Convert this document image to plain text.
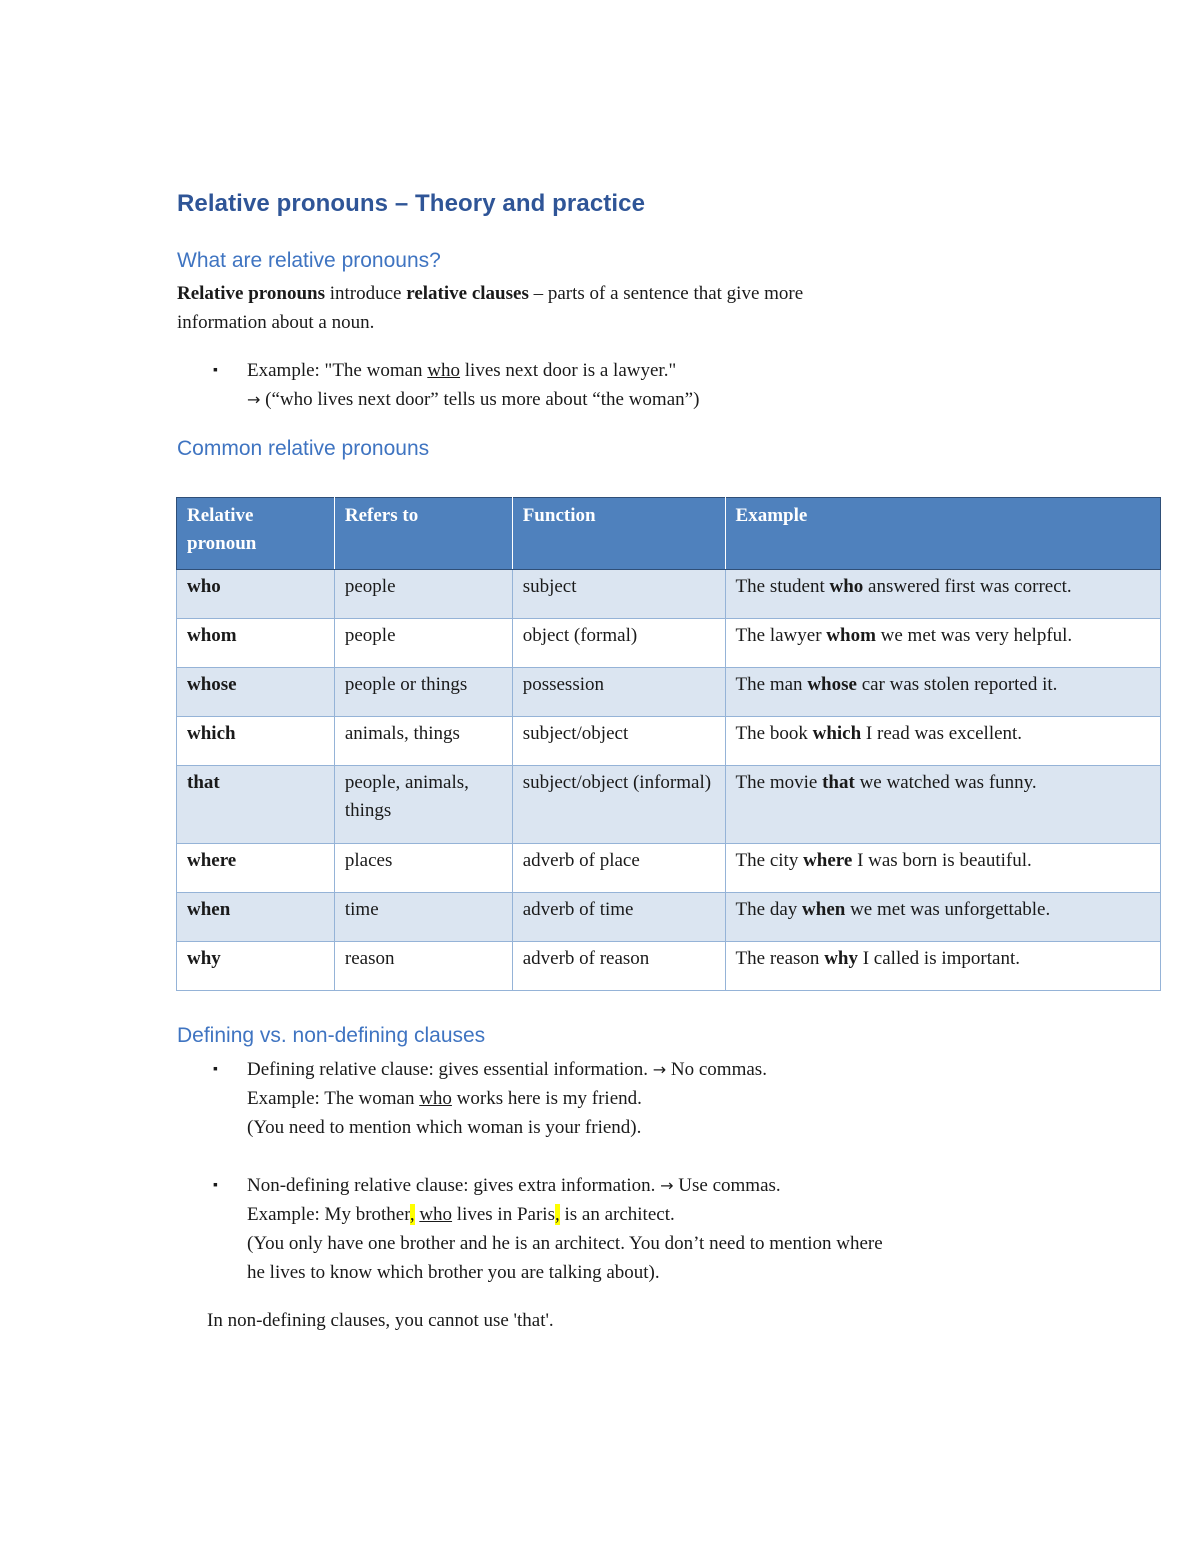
Relative pronouns – Theory and practice
What are relative pronouns?
Relative pronouns introduce relative clauses – parts of a sentence that give more
information about a noun.
▪ Example: "The woman who lives next door is a lawyer."
→ (“who lives next door” tells us more about “the woman”)
Common relative pronouns
Relative pronoun	Refers to	Function	Example
who	people	subject	The student who answered first was correct.
whom	people	object (formal)	The lawyer whom we met was very helpful.
whose	people or things	possession	The man whose car was stolen reported it.
which	animals, things	subject/object	The book which I read was excellent.
that	people, animals, things	subject/object (informal)	The movie that we watched was funny.
where	places	adverb of place	The city where I was born is beautiful.
when	time	adverb of time	The day when we met was unforgettable.
why	reason	adverb of reason	The reason why I called is important.
Defining vs. non-defining clauses
▪ Defining relative clause: gives essential information. → No commas.
Example: The woman who works here is my friend.
(You need to mention which woman is your friend).
▪ Non-defining relative clause: gives extra information. → Use commas.
Example: My brother, who lives in Paris, is an architect.
(You only have one brother and he is an architect. You don’t need to mention where
he lives to know which brother you are talking about).
In non-defining clauses, you cannot use 'that'.
